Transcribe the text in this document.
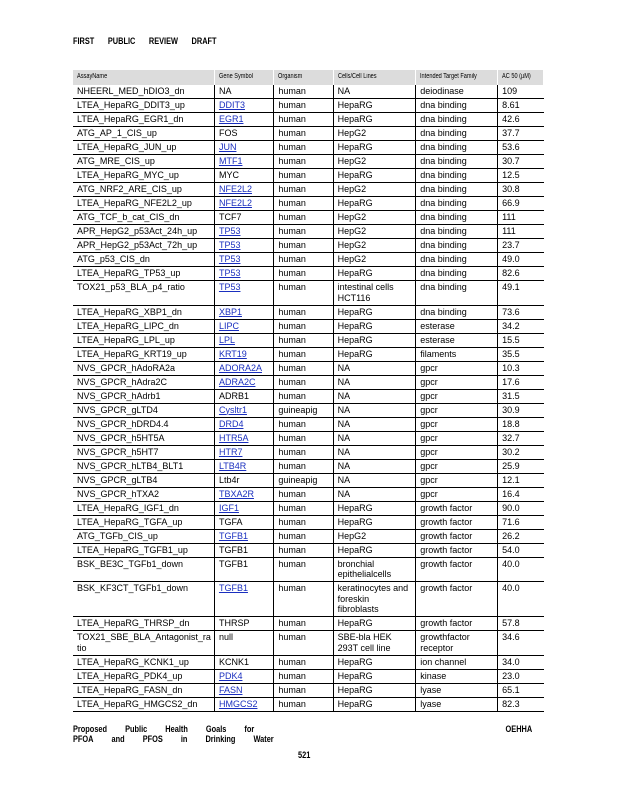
FIRST PUBLIC REVIEW DRAFT
AssayName	Gene Symbol	Organism	Cells/Cell Lines	Intended Target Family	AC 50 (µM)
NHEERL_MED_hDIO3_dn	NA	human	NA	deiodinase	109
LTEA_HepaRG_DDIT3_up	DDIT3	human	HepaRG	dna binding	8.61
LTEA_HepaRG_EGR1_dn	EGR1	human	HepaRG	dna binding	42.6
ATG_AP_1_CIS_up	FOS	human	HepG2	dna binding	37.7
LTEA_HepaRG_JUN_up	JUN	human	HepaRG	dna binding	53.6
ATG_MRE_CIS_up	MTF1	human	HepG2	dna binding	30.7
LTEA_HepaRG_MYC_up	MYC	human	HepaRG	dna binding	12.5
ATG_NRF2_ARE_CIS_up	NFE2L2	human	HepG2	dna binding	30.8
LTEA_HepaRG_NFE2L2_up	NFE2L2	human	HepaRG	dna binding	66.9
ATG_TCF_b_cat_CIS_dn	TCF7	human	HepG2	dna binding	111
APR_HepG2_p53Act_24h_up	TP53	human	HepG2	dna binding	111
APR_HepG2_p53Act_72h_up	TP53	human	HepG2	dna binding	23.7
ATG_p53_CIS_dn	TP53	human	HepG2	dna binding	49.0
LTEA_HepaRG_TP53_up	TP53	human	HepaRG	dna binding	82.6
TOX21_p53_BLA_p4_ratio	TP53	human	intestinal cells HCT116	dna binding	49.1
LTEA_HepaRG_XBP1_dn	XBP1	human	HepaRG	dna binding	73.6
LTEA_HepaRG_LIPC_dn	LIPC	human	HepaRG	esterase	34.2
LTEA_HepaRG_LPL_up	LPL	human	HepaRG	esterase	15.5
LTEA_HepaRG_KRT19_up	KRT19	human	HepaRG	filaments	35.5
NVS_GPCR_hAdoRA2a	ADORA2A	human	NA	gpcr	10.3
NVS_GPCR_hAdra2C	ADRA2C	human	NA	gpcr	17.6
NVS_GPCR_hAdrb1	ADRB1	human	NA	gpcr	31.5
NVS_GPCR_gLTD4	Cysltr1	guineapig	NA	gpcr	30.9
NVS_GPCR_hDRD4.4	DRD4	human	NA	gpcr	18.8
NVS_GPCR_h5HT5A	HTR5A	human	NA	gpcr	32.7
NVS_GPCR_h5HT7	HTR7	human	NA	gpcr	30.2
NVS_GPCR_hLTB4_BLT1	LTB4R	human	NA	gpcr	25.9
NVS_GPCR_gLTB4	Ltb4r	guineapig	NA	gpcr	12.1
NVS_GPCR_hTXA2	TBXA2R	human	NA	gpcr	16.4
LTEA_HepaRG_IGF1_dn	IGF1	human	HepaRG	growth factor	90.0
LTEA_HepaRG_TGFA_up	TGFA	human	HepaRG	growth factor	71.6
ATG_TGFb_CIS_up	TGFB1	human	HepG2	growth factor	26.2
LTEA_HepaRG_TGFB1_up	TGFB1	human	HepaRG	growth factor	54.0
BSK_BE3C_TGFb1_down	TGFB1	human	bronchial epithelialcells	growth factor	40.0
BSK_KF3CT_TGFb1_down	TGFB1	human	keratinocytes and foreskin fibroblasts	growth factor	40.0
LTEA_HepaRG_THRSP_dn	THRSP	human	HepaRG	growth factor	57.8
TOX21_SBE_BLA_Antagonist_ratio	null	human	SBE-bla HEK 293T cell line	growthfactor receptor	34.6
LTEA_HepaRG_KCNK1_up	KCNK1	human	HepaRG	ion channel	34.0
LTEA_HepaRG_PDK4_up	PDK4	human	HepaRG	kinase	23.0
LTEA_HepaRG_FASN_dn	FASN	human	HepaRG	lyase	65.1
LTEA_HepaRG_HMGCS2_dn	HMGCS2	human	HepaRG	lyase	82.3
Proposed Public Health Goals for	OEHHA
PFOA and PFOS in Drinking Water
521
